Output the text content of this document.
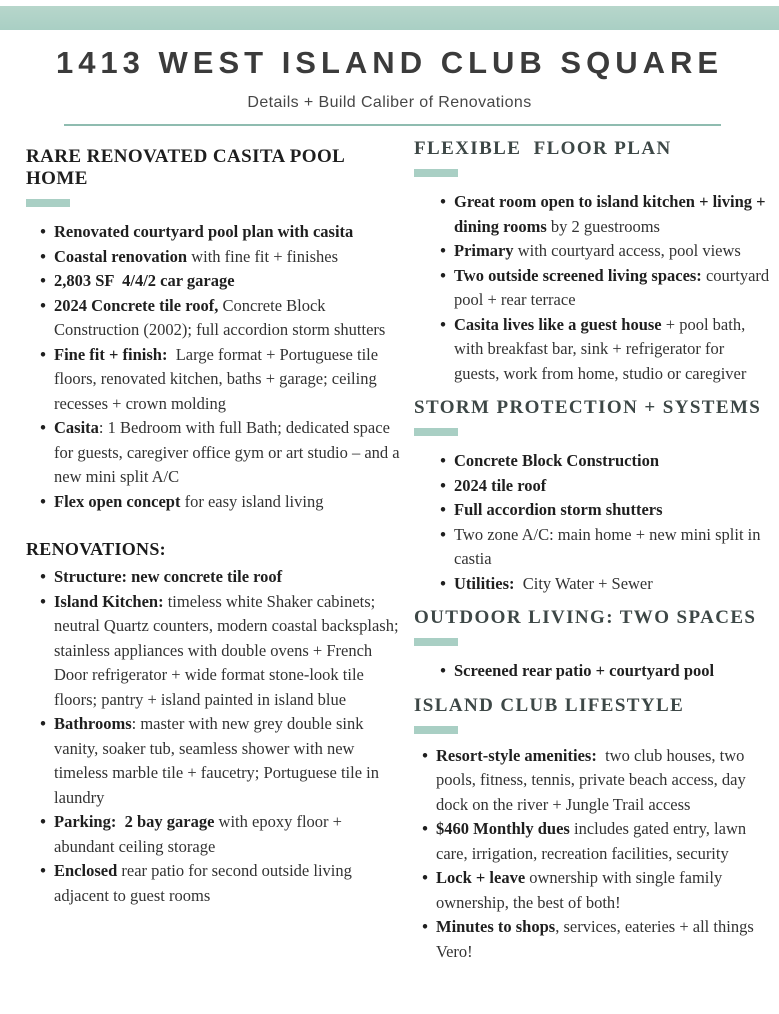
1413 WEST ISLAND CLUB SQUARE
Details + Build Caliber of Renovations
RARE RENOVATED CASITA POOL HOME
• Renovated courtyard pool plan with casita
• Coastal renovation with fine fit + finishes
• 2,803 SF  4/4/2 car garage
• 2024 Concrete tile roof, Concrete Block Construction (2002); full accordion storm shutters
• Fine fit + finish:  Large format + Portuguese tile floors, renovated kitchen, baths + garage; ceiling recesses + crown molding
• Casita: 1 Bedroom with full Bath; dedicated space for guests, caregiver office gym or art studio – and a new mini split A/C
• Flex open concept for easy island living
RENOVATIONS:
• Structure: new concrete tile roof
• Island Kitchen: timeless white Shaker cabinets; neutral Quartz counters, modern coastal backsplash; stainless appliances with double ovens + French Door refrigerator + wide format stone-look tile floors; pantry + island painted in island blue
• Bathrooms: master with new grey double sink vanity, soaker tub, seamless shower with new timeless marble tile + faucetry; Portuguese tile in laundry
• Parking:  2 bay garage with epoxy floor + abundant ceiling storage
• Enclosed rear patio for second outside living adjacent to guest rooms
FLEXIBLE  FLOOR PLAN
• Great room open to island kitchen + living + dining rooms by 2 guestrooms
• Primary with courtyard access, pool views
• Two outside screened living spaces: courtyard pool + rear terrace
• Casita lives like a guest house + pool bath, with breakfast bar, sink + refrigerator for guests, work from home, studio or caregiver
STORM PROTECTION + SYSTEMS
• Concrete Block Construction
• 2024 tile roof
• Full accordion storm shutters
• Two zone A/C: main home + new mini split in castia
• Utilities:  City Water + Sewer
OUTDOOR LIVING: TWO SPACES
• Screened rear patio + courtyard pool
ISLAND CLUB LIFESTYLE
• Resort-style amenities:  two club houses, two pools, fitness, tennis, private beach access, day dock on the river + Jungle Trail access
• $460 Monthly dues includes gated entry, lawn care, irrigation, recreation facilities, security
• Lock + leave ownership with single family ownership, the best of both!
• Minutes to shops, services, eateries + all things Vero!
